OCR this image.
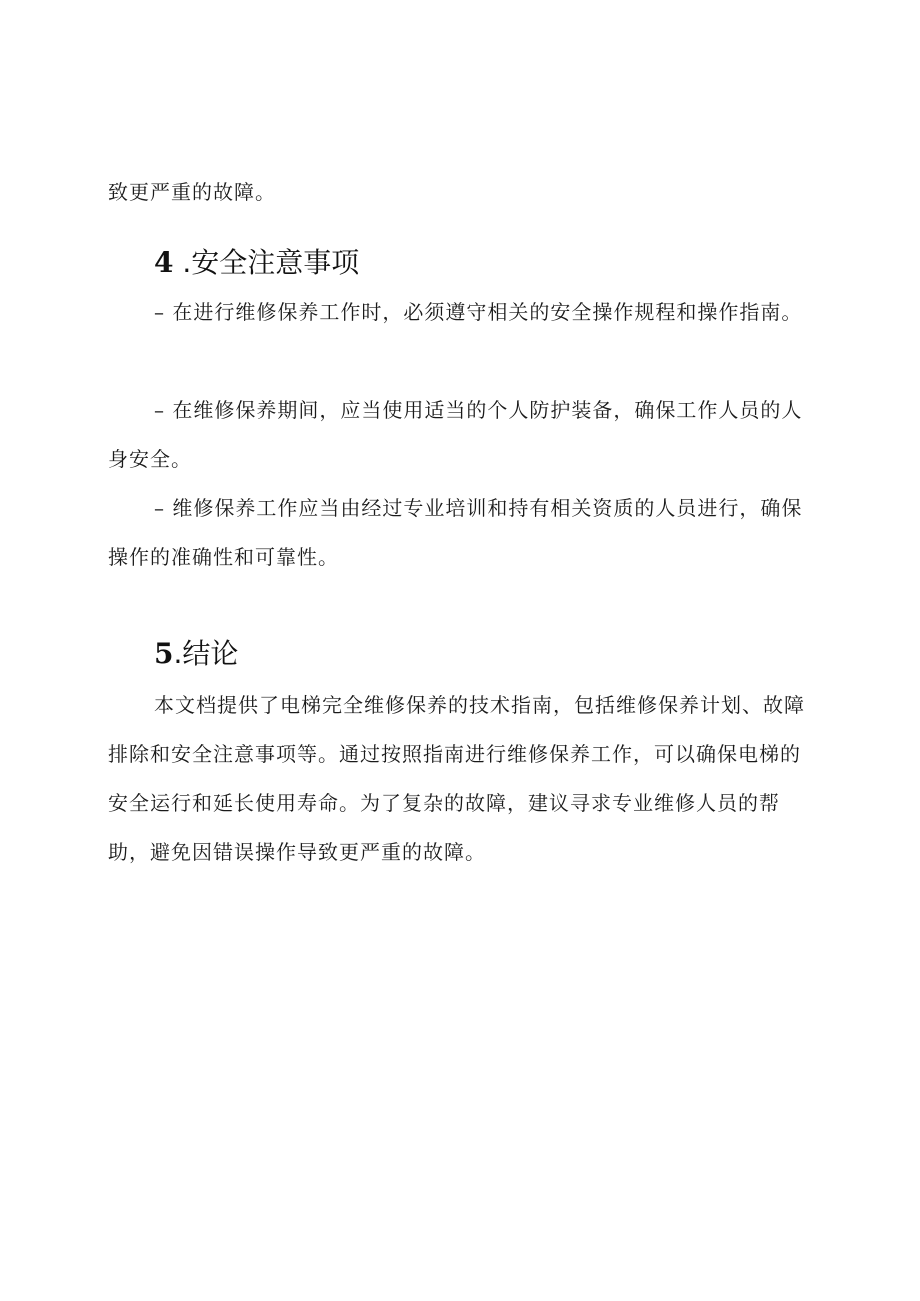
致更严重的故障。

4 .安全注意事项

– 在进行维修保养工作时，必须遵守相关的安全操作规程和操作指南。

– 在维修保养期间，应当使用适当的个人防护装备，确保工作人员的人身安全。

– 维修保养工作应当由经过专业培训和持有相关资质的人员进行，确保操作的准确性和可靠性。

5.结论

本文档提供了电梯完全维修保养的技术指南，包括维修保养计划、故障排除和安全注意事项等。通过按照指南进行维修保养工作，可以确保电梯的安全运行和延长使用寿命。为了复杂的故障，建议寻求专业维修人员的帮助，避免因错误操作导致更严重的故障。
